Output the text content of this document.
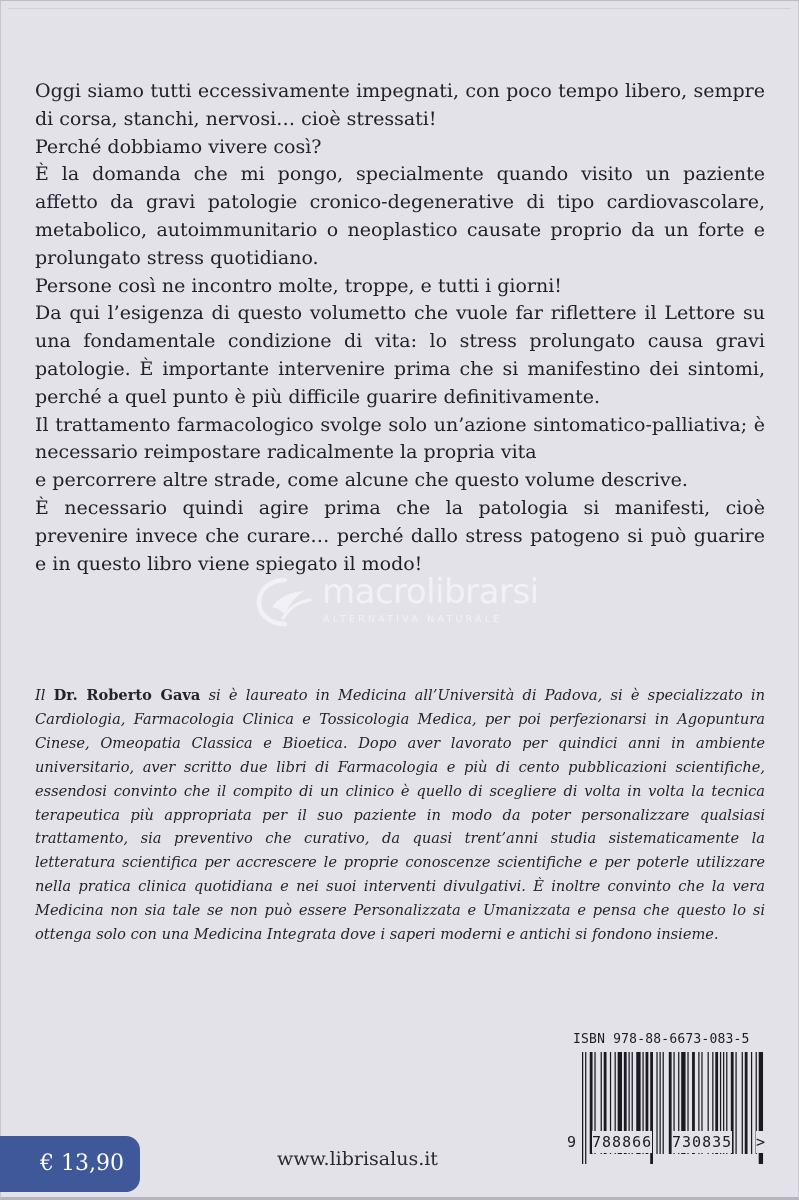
Oggi siamo tutti eccessivamente impegnati, con poco tempo libero, sempre di corsa, stanchi, nervosi… cioè stressati!

Perché dobbiamo vivere così?

È la domanda che mi pongo, specialmente quando visito un paziente affetto da gravi patologie cronico-degenerative di tipo cardiovascolare, metabolico, autoimmunitario o neoplastico causate proprio da un forte e prolungato stress quotidiano.

Persone così ne incontro molte, troppe, e tutti i giorni!

Da qui l’esigenza di questo volumetto che vuole far riflettere il Lettore su una fondamentale condizione di vita: lo stress prolungato causa gravi patologie. È importante intervenire prima che si manifestino dei sintomi, perché a quel punto è più difficile guarire definitivamente.

Il trattamento farmacologico svolge solo un’azione sintomatico-palliativa; è necessario reimpostare radicalmente la propria vita

e percorrere altre strade, come alcune che questo volume descrive.

È necessario quindi agire prima che la patologia si manifesti, cioè prevenire invece che curare… perché dallo stress patogeno si può guarire e in questo libro viene spiegato il modo!

macrolibrarsi
ALTERNATIVA NATURALE

Il Dr. Roberto Gava si è laureato in Medicina all’Università di Padova, si è specializzato in Cardiologia, Farmacologia Clinica e Tossicologia Medica, per poi perfezionarsi in Agopuntura Cinese, Omeopatia Classica e Bioetica. Dopo aver lavorato per quindici anni in ambiente universitario, aver scritto due libri di Farmacologia e più di cento pubblicazioni scientifiche, essendosi convinto che il compito di un clinico è quello di scegliere di volta in volta la tecnica terapeutica più appropriata per il suo paziente in modo da poter personalizzare qualsiasi trattamento, sia preventivo che curativo, da quasi trent’anni studia sistematicamente la letteratura scientifica per accrescere le proprie conoscenze scientifiche e per poterle utilizzare nella pratica clinica quotidiana e nei suoi interventi divulgativi. È inoltre convinto che la vera Medicina non sia tale se non può essere Personalizzata e Umanizzata e pensa che questo lo si ottenga solo con una Medicina Integrata dove i saperi moderni e antichi si fondono insieme.

ISBN 978-88-6673-083-5
9 788866 730835 >
€ 13,90	www.librisalus.it
